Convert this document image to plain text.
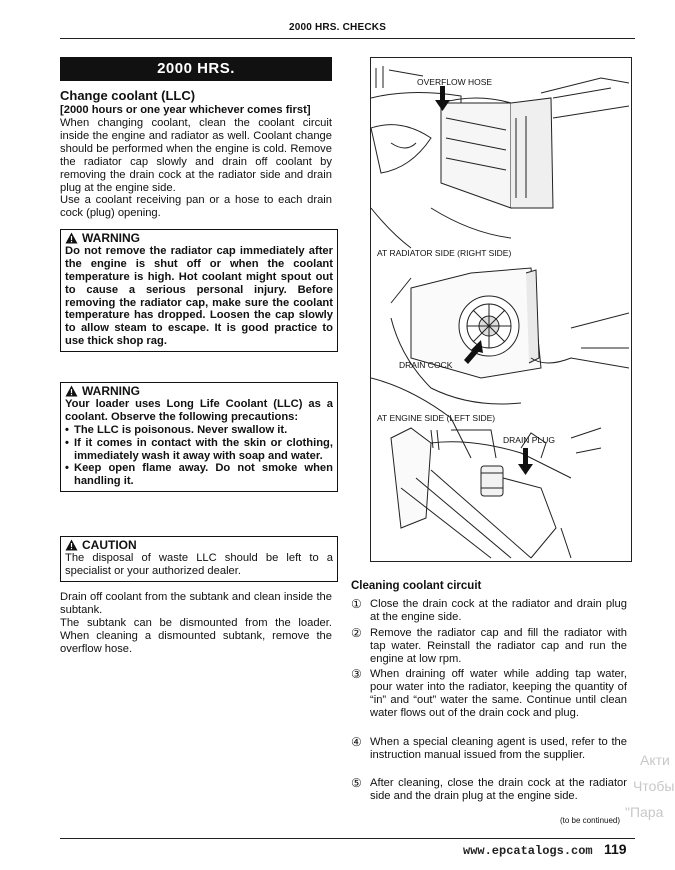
2000 HRS. CHECKS
2000 HRS.
Change coolant (LLC)
[2000 hours or one year whichever comes first]
When changing coolant, clean the coolant circuit inside the engine and radiator as well. Coolant change should be performed when the engine is cold. Remove the radiator cap slowly and drain off coolant by removing the drain cock at the radiator side and drain plug at the engine side.
Use a coolant receiving pan or a hose to each drain cock (plug) opening.
WARNING
Do not remove the radiator cap immediately after the engine is shut off or when the coolant temperature is high. Hot coolant might spout out to cause a serious personal injury. Before removing the radiator cap, make sure the coolant temperature has dropped. Loosen the cap slowly to allow steam to escape. It is good practice to use thick shop rag.
WARNING
Your loader uses Long Life Coolant (LLC) as a coolant. Observe the following precautions:
• The LLC is poisonous. Never swallow it.
• If it comes in contact with the skin or clothing, immediately wash it away with soap and water.
• Keep open flame away. Do not smoke when handling it.
CAUTION
The disposal of waste LLC should be left to a specialist or your authorized dealer.
Drain off coolant from the subtank and clean inside the subtank.
The subtank can be dismounted from the loader. When cleaning a dismounted subtank, remove the overflow hose.
OVERFLOW HOSE
AT RADIATOR SIDE (RIGHT SIDE)
DRAIN COCK
AT ENGINE SIDE (LEFT SIDE)
DRAIN PLUG
Cleaning coolant circuit
① Close the drain cock at the radiator and drain plug at the engine side.
② Remove the radiator cap and fill the radiator with tap water. Reinstall the radiator cap and run the engine at low rpm.
③ When draining off water while adding tap water, pour water into the radiator, keeping the quantity of “in” and “out” water the same. Continue until clean water flows out of the drain cock and plug.
④ When a special cleaning agent is used, refer to the instruction manual issued from the supplier.
⑤ After cleaning, close the drain cock at the radiator side and the drain plug at the engine side.
(to be continued)
www.epcatalogs.com 119
Акти
Чтобы
"Пара
